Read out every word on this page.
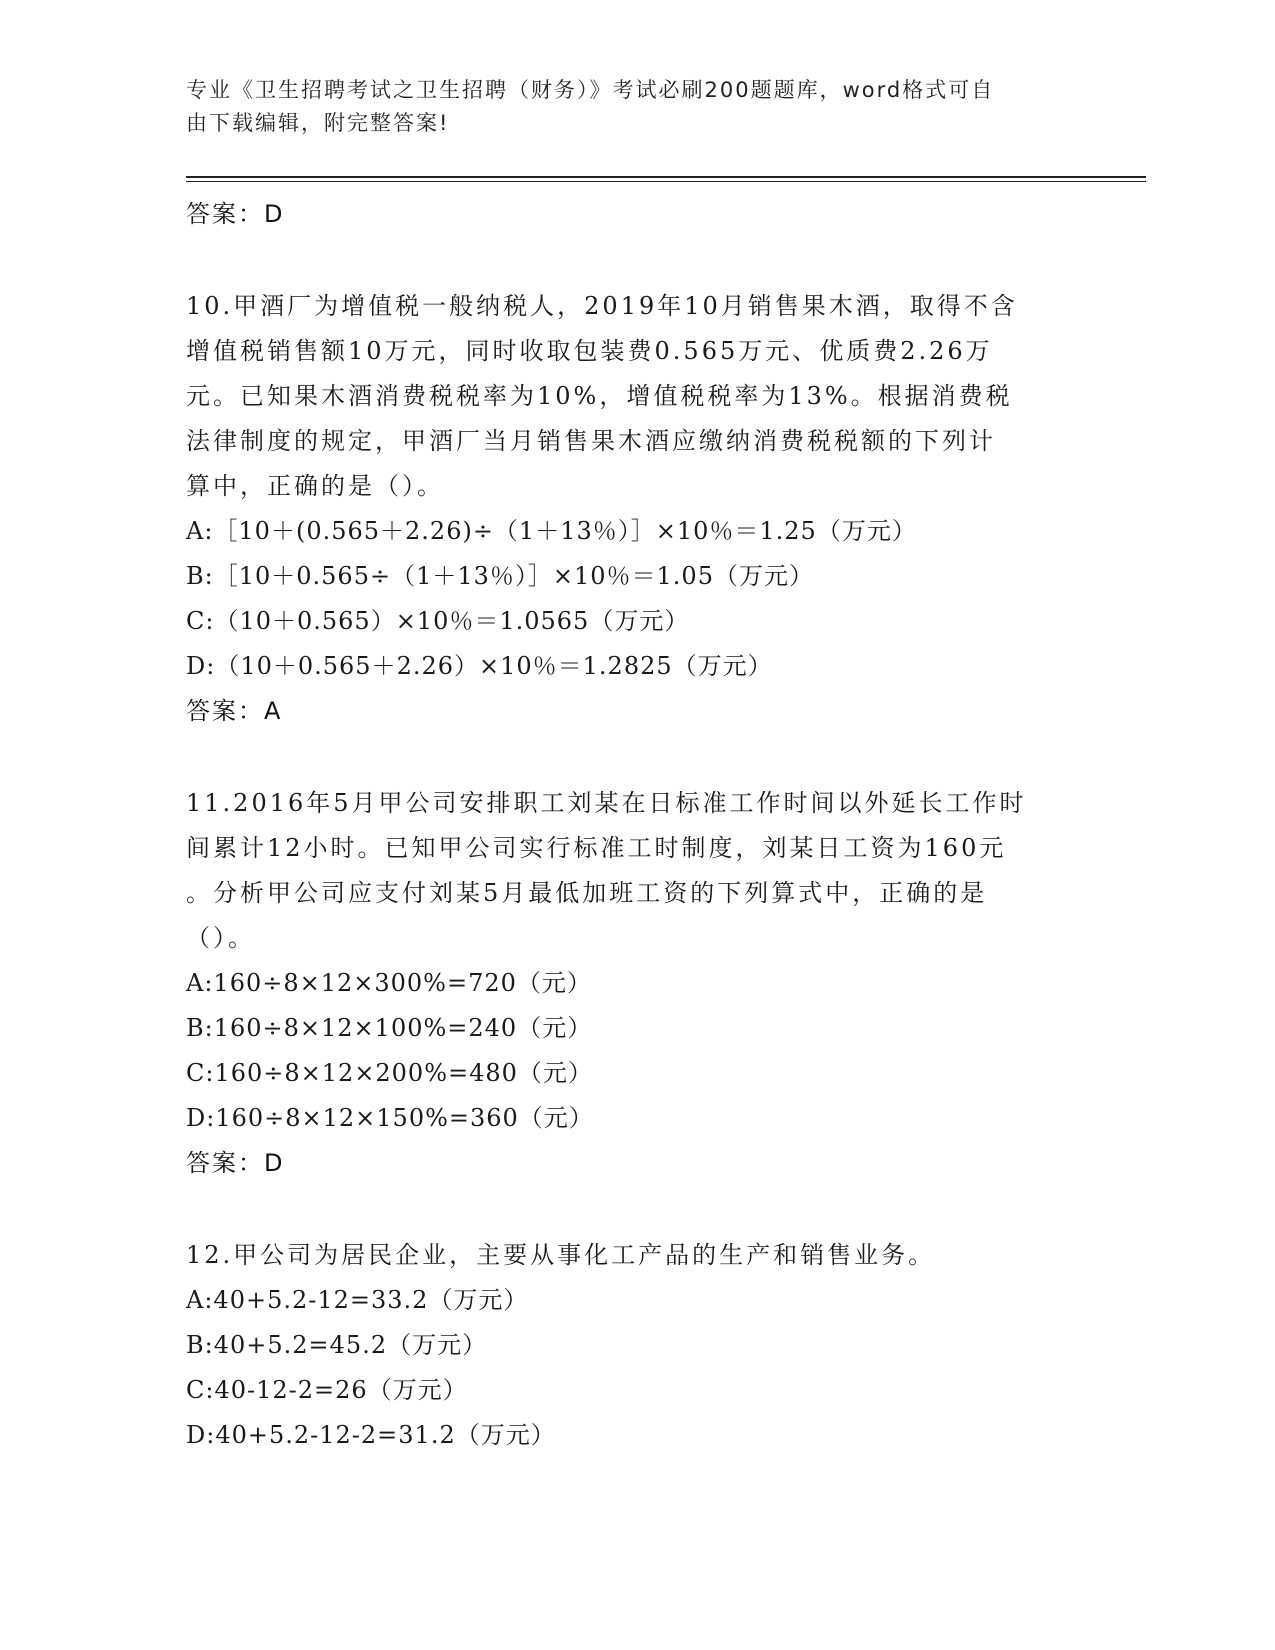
专业《卫生招聘考试之卫生招聘（财务）》考试必刷200题题库，word格式可自
由下载编辑，附完整答案!
答案：D
10.甲酒厂为增值税一般纳税人，2019年10月销售果木酒，取得不含
增值税销售额10万元，同时收取包装费0.565万元、优质费2.26万
元。已知果木酒消费税税率为10%，增值税税率为13%。根据消费税
法律制度的规定，甲酒厂当月销售果木酒应缴纳消费税税额的下列计
算中，正确的是（）。
A:［10＋(0.565＋2.26)÷（1＋13％）］×10％＝1.25（万元）
B:［10＋0.565÷（1＋13％）］×10％＝1.05（万元）
C:（10＋0.565）×10％＝1.0565（万元）
D:（10＋0.565＋2.26）×10％＝1.2825（万元）
答案：A
11.2016年5月甲公司安排职工刘某在日标准工作时间以外延长工作时
间累计12小时。已知甲公司实行标准工时制度，刘某日工资为160元
。分析甲公司应支付刘某5月最低加班工资的下列算式中，正确的是
（）。
A:160÷8×12×300%=720（元）
B:160÷8×12×100%=240（元）
C:160÷8×12×200%=480（元）
D:160÷8×12×150%=360（元）
答案：D
12.甲公司为居民企业，主要从事化工产品的生产和销售业务。
A:40+5.2-12=33.2（万元）
B:40+5.2=45.2（万元）
C:40-12-2=26（万元）
D:40+5.2-12-2=31.2（万元）
